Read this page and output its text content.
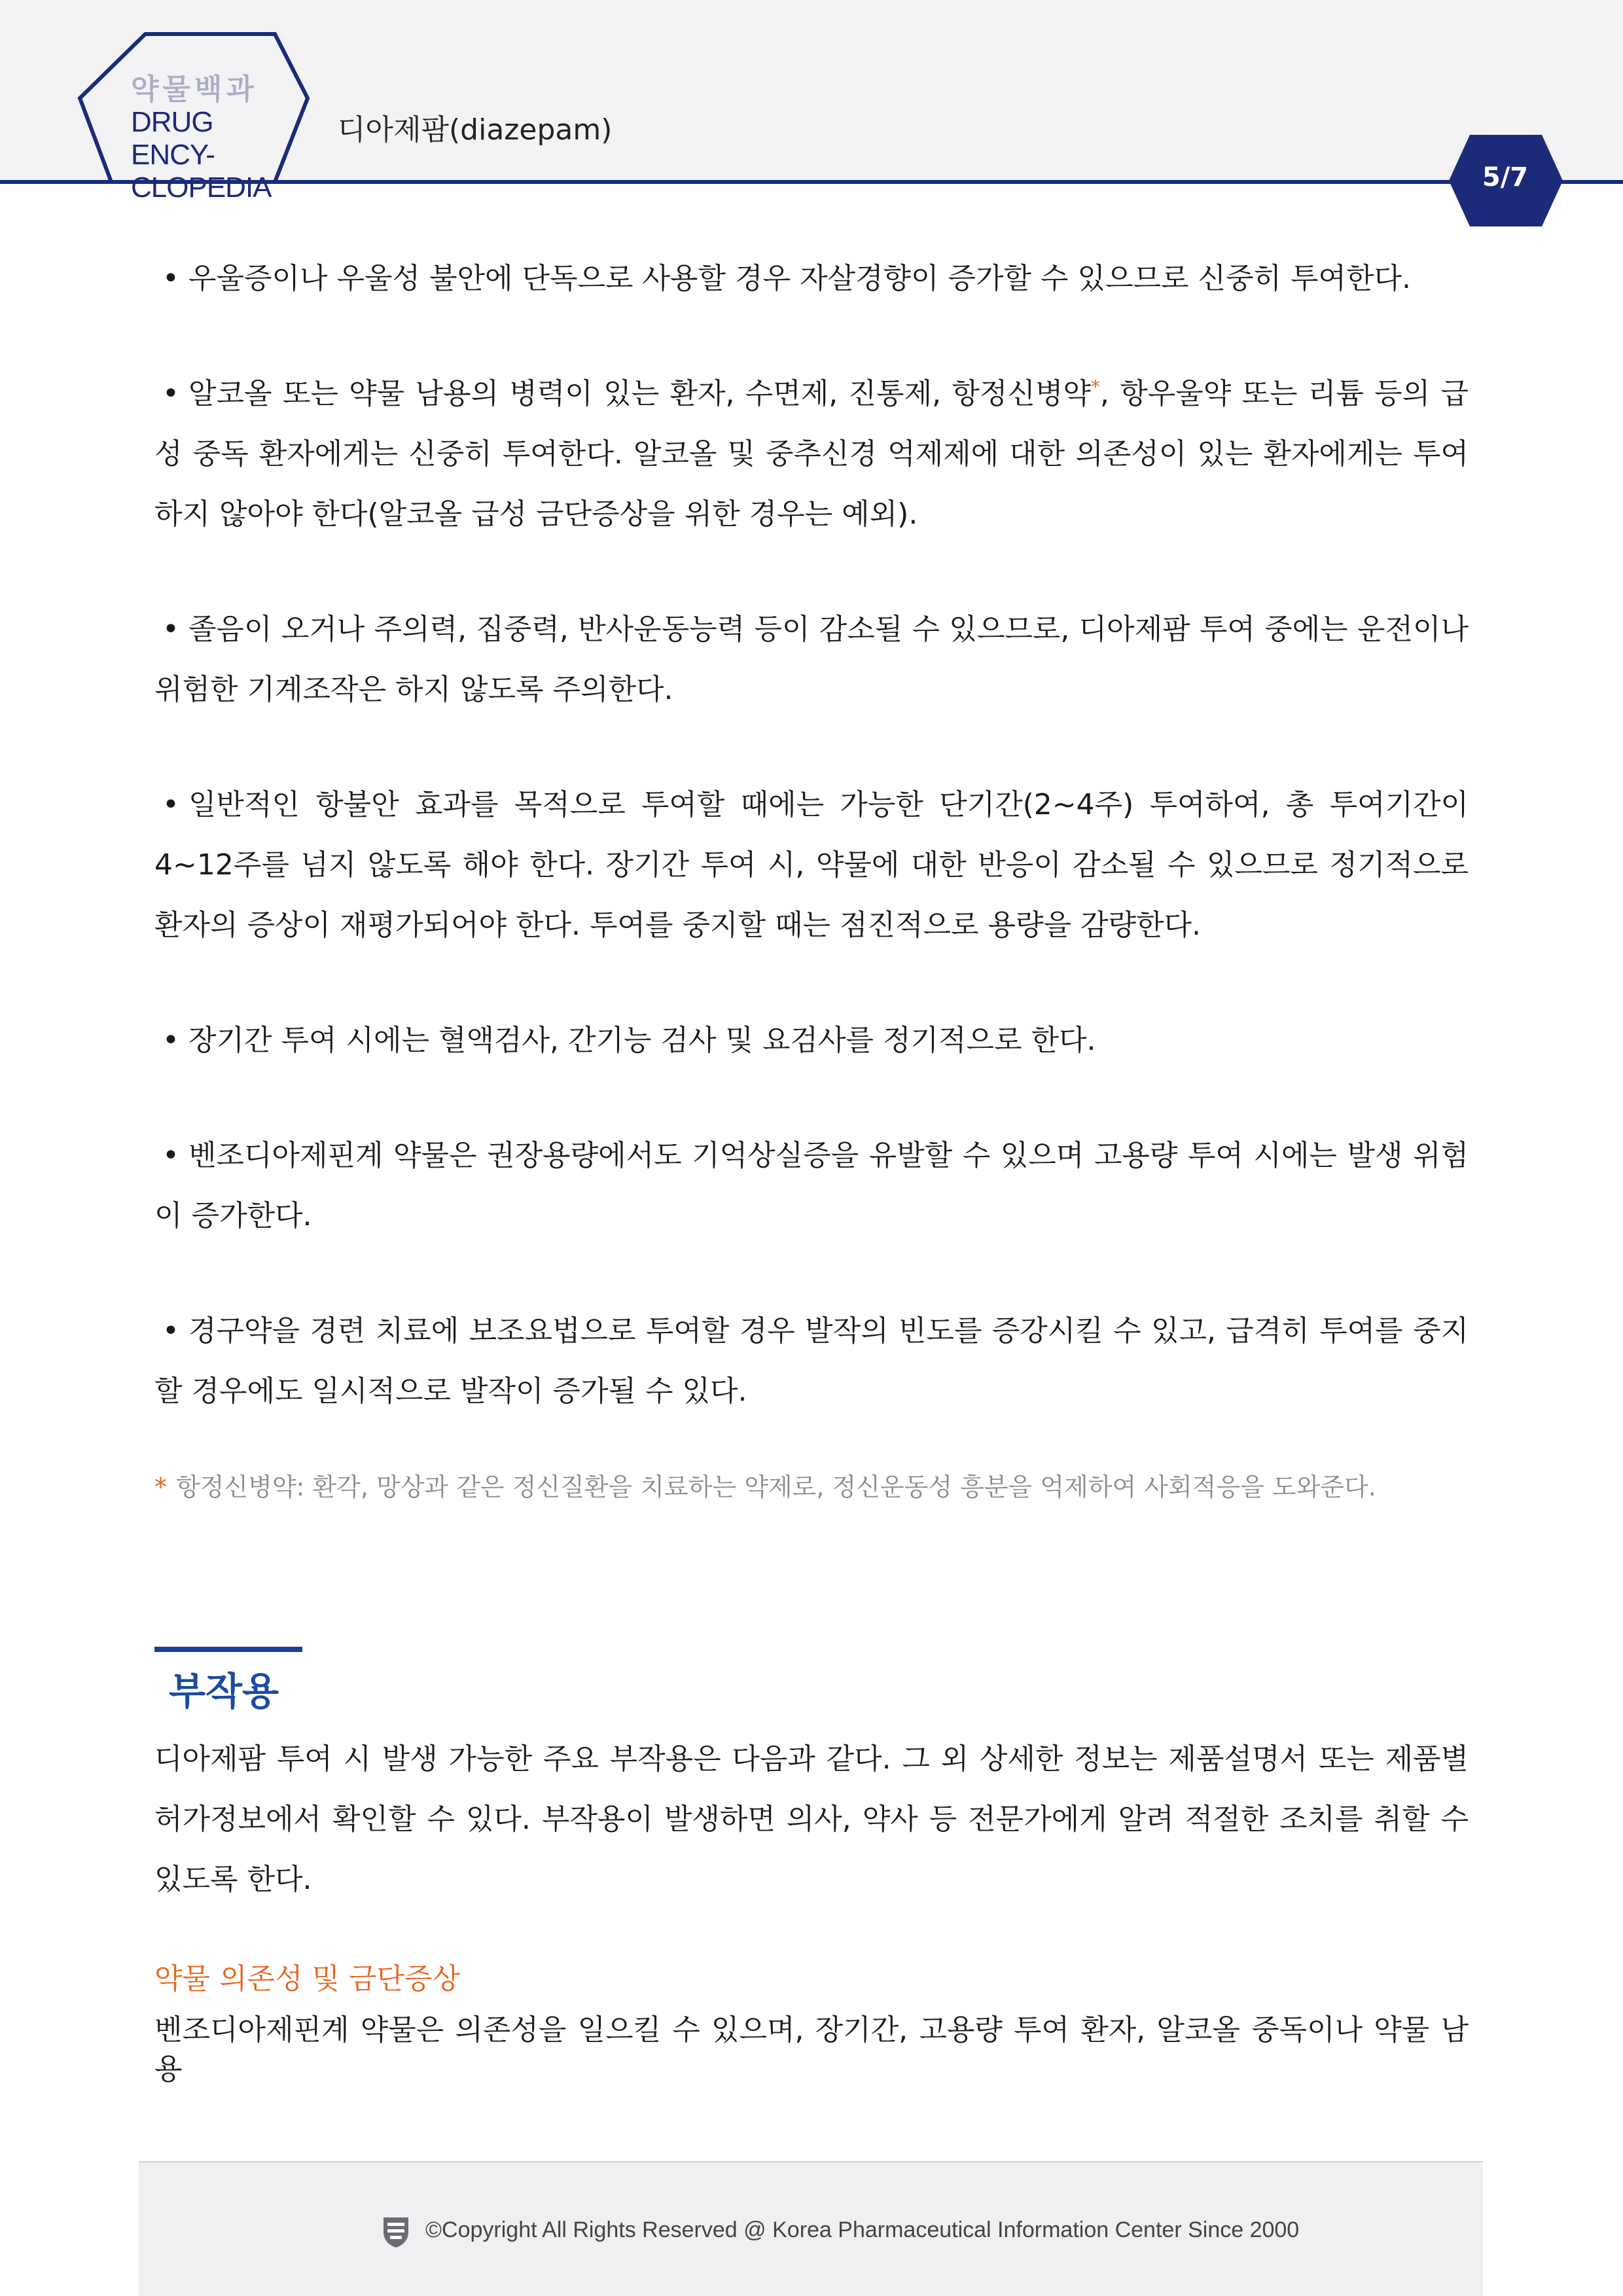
약물백과
DRUG ENCY-
CLOPEDIA
디아제팜(diazepam)
5/7

• 우울증이나 우울성 불안에 단독으로 사용할 경우 자살경향이 증가할 수 있으므로 신중히 투여한다.

• 알코올 또는 약물 남용의 병력이 있는 환자, 수면제, 진통제, 항정신병약*, 항우울약 또는 리튬 등의 급성 중독 환자에게는 신중히 투여한다. 알코올 및 중추신경 억제제에 대한 의존성이 있는 환자에게는 투여하지 않아야 한다(알코올 급성 금단증상을 위한 경우는 예외).

• 졸음이 오거나 주의력, 집중력, 반사운동능력 등이 감소될 수 있으므로, 디아제팜 투여 중에는 운전이나 위험한 기계조작은 하지 않도록 주의한다.

• 일반적인 항불안 효과를 목적으로 투여할 때에는 가능한 단기간(2~4주) 투여하여, 총 투여기간이 4~12주를 넘지 않도록 해야 한다. 장기간 투여 시, 약물에 대한 반응이 감소될 수 있으므로 정기적으로 환자의 증상이 재평가되어야 한다. 투여를 중지할 때는 점진적으로 용량을 감량한다.

• 장기간 투여 시에는 혈액검사, 간기능 검사 및 요검사를 정기적으로 한다.

• 벤조디아제핀계 약물은 권장용량에서도 기억상실증을 유발할 수 있으며 고용량 투여 시에는 발생 위험이 증가한다.

• 경구약을 경련 치료에 보조요법으로 투여할 경우 발작의 빈도를 증강시킬 수 있고, 급격히 투여를 중지할 경우에도 일시적으로 발작이 증가될 수 있다.

* 항정신병약: 환각, 망상과 같은 정신질환을 치료하는 약제로, 정신운동성 흥분을 억제하여 사회적응을 도와준다.

부작용

디아제팜 투여 시 발생 가능한 주요 부작용은 다음과 같다. 그 외 상세한 정보는 제품설명서 또는 제품별 허가정보에서 확인할 수 있다. 부작용이 발생하면 의사, 약사 등 전문가에게 알려 적절한 조치를 취할 수 있도록 한다.

약물 의존성 및 금단증상

벤조디아제핀계 약물은 의존성을 일으킬 수 있으며, 장기간, 고용량 투여 환자, 알코올 중독이나 약물 남용

©Copyright All Rights Reserved @ Korea Pharmaceutical Information Center Since 2000
